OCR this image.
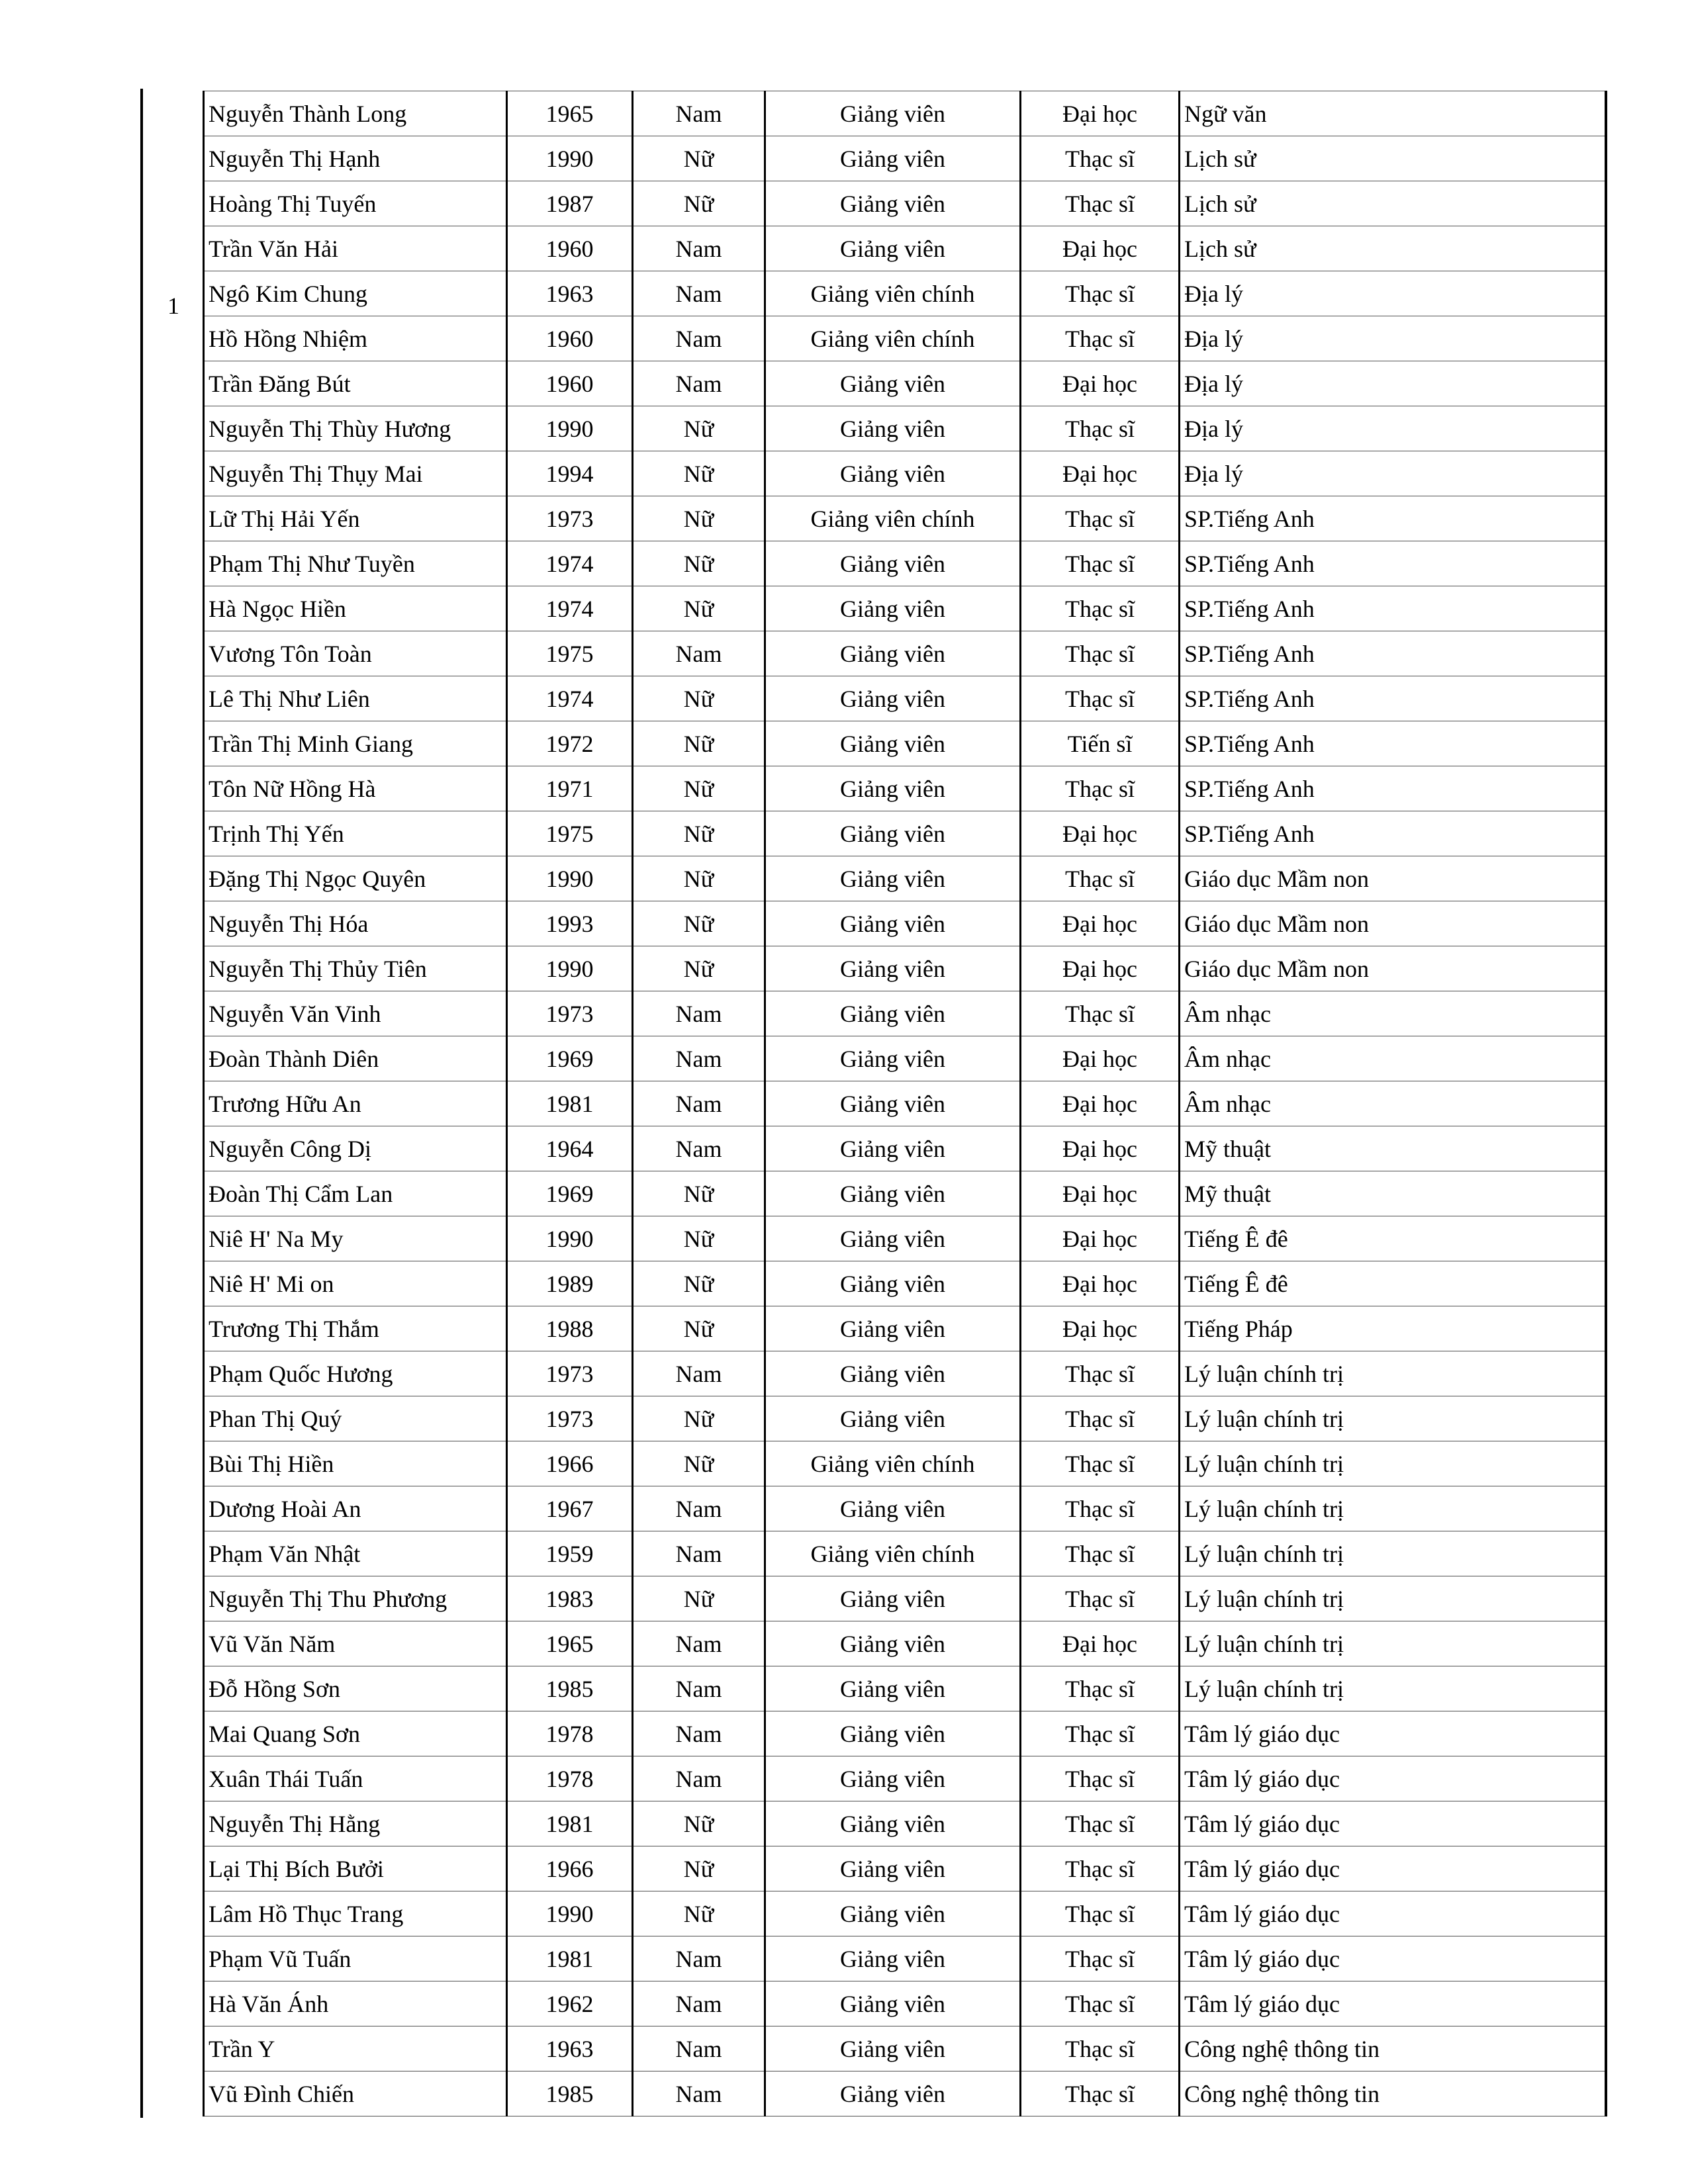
1
Nguyễn Thành Long	1965	Nam	Giảng viên	Đại học	Ngữ văn
Nguyễn Thị Hạnh	1990	Nữ	Giảng viên	Thạc sĩ	Lịch sử
Hoàng Thị Tuyến	1987	Nữ	Giảng viên	Thạc sĩ	Lịch sử
Trần Văn Hải	1960	Nam	Giảng viên	Đại học	Lịch sử
Ngô Kim Chung	1963	Nam	Giảng viên chính	Thạc sĩ	Địa lý
Hồ Hồng Nhiệm	1960	Nam	Giảng viên chính	Thạc sĩ	Địa lý
Trần Đăng Bút	1960	Nam	Giảng viên	Đại học	Địa lý
Nguyễn Thị Thùy Hương	1990	Nữ	Giảng viên	Thạc sĩ	Địa lý
Nguyễn Thị Thụy Mai	1994	Nữ	Giảng viên	Đại học	Địa lý
Lữ Thị Hải Yến	1973	Nữ	Giảng viên chính	Thạc sĩ	SP.Tiếng Anh
Phạm Thị Như Tuyền	1974	Nữ	Giảng viên	Thạc sĩ	SP.Tiếng Anh
Hà Ngọc Hiền	1974	Nữ	Giảng viên	Thạc sĩ	SP.Tiếng Anh
Vương Tôn Toàn	1975	Nam	Giảng viên	Thạc sĩ	SP.Tiếng Anh
Lê Thị Như Liên	1974	Nữ	Giảng viên	Thạc sĩ	SP.Tiếng Anh
Trần Thị Minh Giang	1972	Nữ	Giảng viên	Tiến sĩ	SP.Tiếng Anh
Tôn Nữ Hồng Hà	1971	Nữ	Giảng viên	Thạc sĩ	SP.Tiếng Anh
Trịnh Thị Yến	1975	Nữ	Giảng viên	Đại học	SP.Tiếng Anh
Đặng Thị Ngọc Quyên	1990	Nữ	Giảng viên	Thạc sĩ	Giáo dục Mầm non
Nguyễn Thị Hóa	1993	Nữ	Giảng viên	Đại học	Giáo dục Mầm non
Nguyễn Thị Thủy Tiên	1990	Nữ	Giảng viên	Đại học	Giáo dục Mầm non
Nguyễn Văn Vinh	1973	Nam	Giảng viên	Thạc sĩ	Âm nhạc
Đoàn Thành Diên	1969	Nam	Giảng viên	Đại học	Âm nhạc
Trương Hữu An	1981	Nam	Giảng viên	Đại học	Âm nhạc
Nguyễn Công Dị	1964	Nam	Giảng viên	Đại học	Mỹ thuật
Đoàn Thị Cẩm Lan	1969	Nữ	Giảng viên	Đại học	Mỹ thuật
Niê H' Na My	1990	Nữ	Giảng viên	Đại học	Tiếng Ê đê
Niê H' Mi on	1989	Nữ	Giảng viên	Đại học	Tiếng Ê đê
Trương Thị Thắm	1988	Nữ	Giảng viên	Đại học	Tiếng Pháp
Phạm Quốc Hương	1973	Nam	Giảng viên	Thạc sĩ	Lý luận chính trị
Phan Thị Quý	1973	Nữ	Giảng viên	Thạc sĩ	Lý luận chính trị
Bùi Thị Hiền	1966	Nữ	Giảng viên chính	Thạc sĩ	Lý luận chính trị
Dương Hoài An	1967	Nam	Giảng viên	Thạc sĩ	Lý luận chính trị
Phạm Văn Nhật	1959	Nam	Giảng viên chính	Thạc sĩ	Lý luận chính trị
Nguyễn Thị Thu Phương	1983	Nữ	Giảng viên	Thạc sĩ	Lý luận chính trị
Vũ Văn Năm	1965	Nam	Giảng viên	Đại học	Lý luận chính trị
Đỗ Hồng Sơn	1985	Nam	Giảng viên	Thạc sĩ	Lý luận chính trị
Mai Quang Sơn	1978	Nam	Giảng viên	Thạc sĩ	Tâm lý giáo dục
Xuân Thái Tuấn	1978	Nam	Giảng viên	Thạc sĩ	Tâm lý giáo dục
Nguyễn Thị Hằng	1981	Nữ	Giảng viên	Thạc sĩ	Tâm lý giáo dục
Lại Thị Bích Bưởi	1966	Nữ	Giảng viên	Thạc sĩ	Tâm lý giáo dục
Lâm Hồ Thục Trang	1990	Nữ	Giảng viên	Thạc sĩ	Tâm lý giáo dục
Phạm Vũ Tuấn	1981	Nam	Giảng viên	Thạc sĩ	Tâm lý giáo dục
Hà Văn Ánh	1962	Nam	Giảng viên	Thạc sĩ	Tâm lý giáo dục
Trần Y	1963	Nam	Giảng viên	Thạc sĩ	Công nghệ thông tin
Vũ Đình Chiến	1985	Nam	Giảng viên	Thạc sĩ	Công nghệ thông tin
